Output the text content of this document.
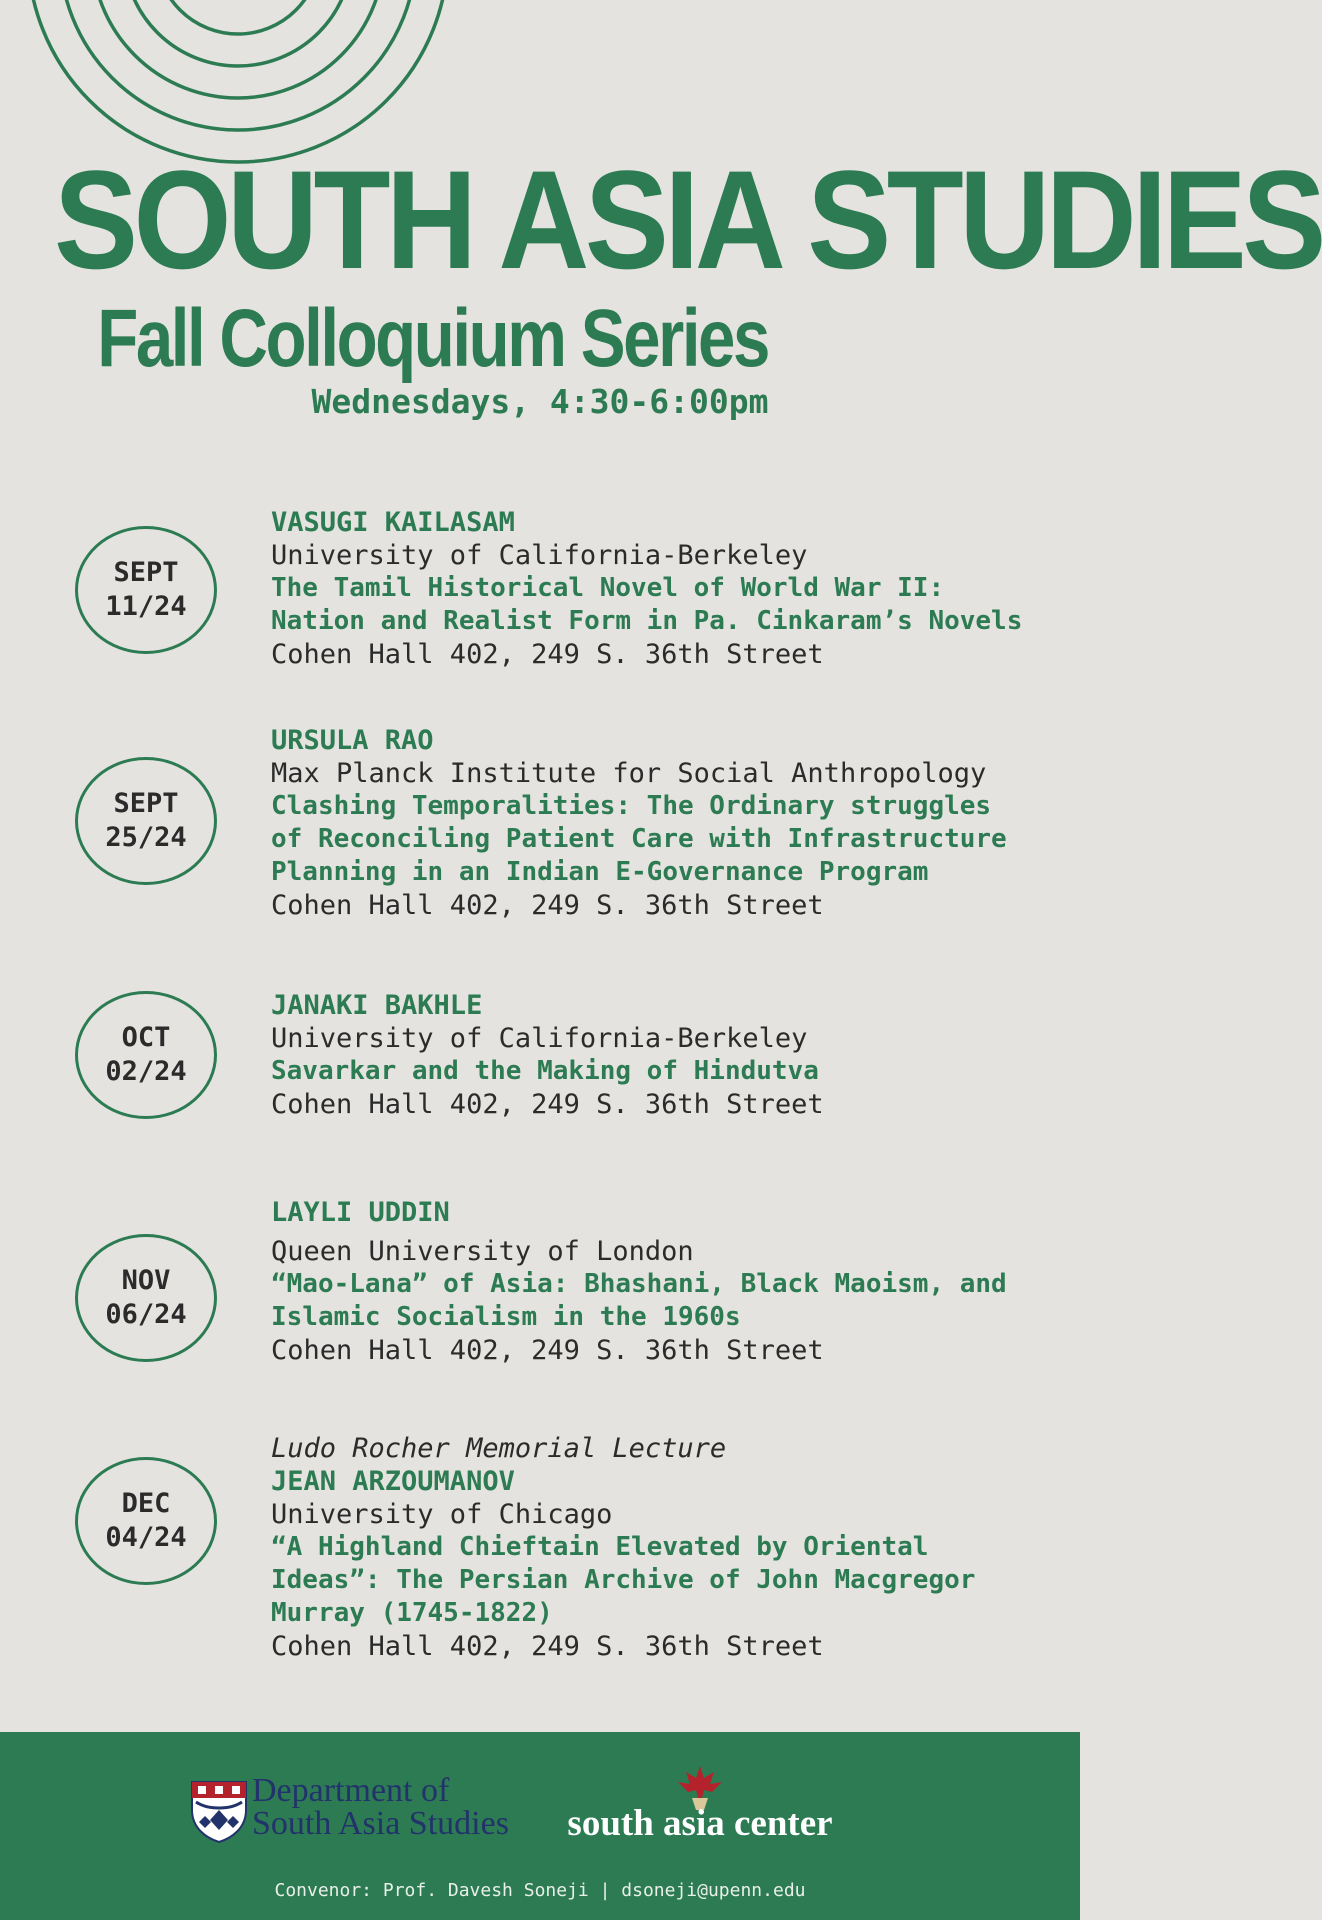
SOUTH ASIA STUDIES
Fall Colloquium Series
Wednesdays, 4:30-6:00pm
SEPT
11/24
VASUGI KAILASAM
University of California-Berkeley
The Tamil Historical Novel of World War II:
Nation and Realist Form in Pa. Cinkaram’s Novels
Cohen Hall 402, 249 S. 36th Street
SEPT
25/24
URSULA RAO
Max Planck Institute for Social Anthropology
Clashing Temporalities: The Ordinary struggles
of Reconciling Patient Care with Infrastructure
Planning in an Indian E-Governance Program
Cohen Hall 402, 249 S. 36th Street
OCT
02/24
JANAKI BAKHLE
University of California-Berkeley
Savarkar and the Making of Hindutva
Cohen Hall 402, 249 S. 36th Street
NOV
06/24
LAYLI UDDIN
Queen University of London
“Mao-Lana” of Asia: Bhashani, Black Maoism, and
Islamic Socialism in the 1960s
Cohen Hall 402, 249 S. 36th Street
DEC
04/24
Ludo Rocher Memorial Lecture
JEAN ARZOUMANOV
University of Chicago
“A Highland Chieftain Elevated by Oriental
Ideas”: The Persian Archive of John Macgregor
Murray (1745-1822)
Cohen Hall 402, 249 S. 36th Street
Department of
South Asia Studies	south asia center
Convenor: Prof. Davesh Soneji | dsoneji@upenn.edu
